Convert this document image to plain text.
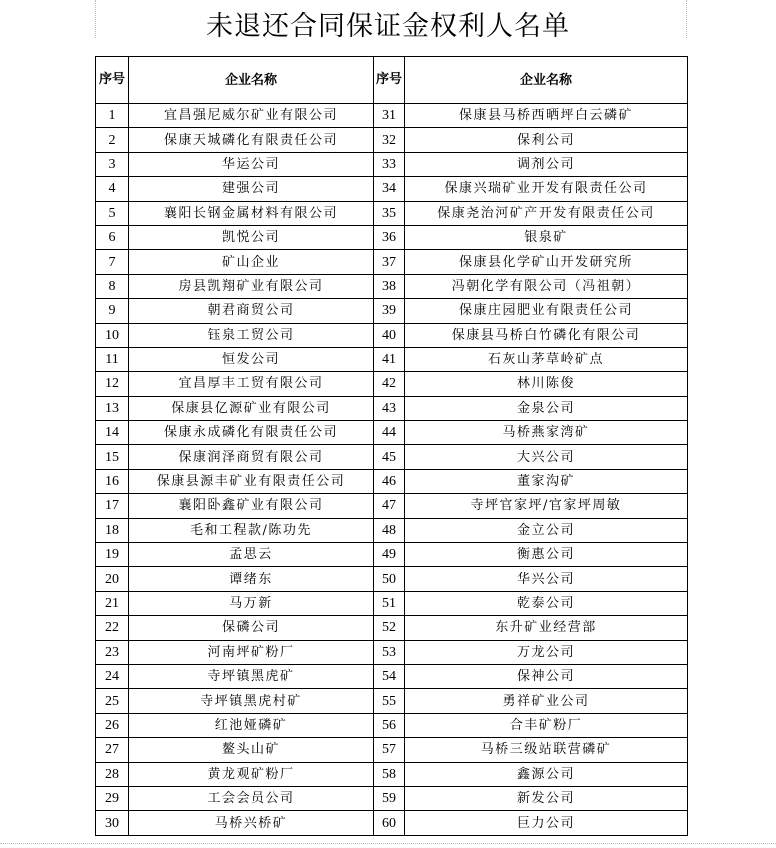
未退还合同保证金权利人名单
序号	企业名称	序号	企业名称
1	宜昌强尼威尔矿业有限公司	31	保康县马桥西晒坪白云磷矿
2	保康天城磷化有限责任公司	32	保利公司
3	华运公司	33	调剂公司
4	建强公司	34	保康兴瑞矿业开发有限责任公司
5	襄阳长钢金属材料有限公司	35	保康尧治河矿产开发有限责任公司
6	凯悦公司	36	银泉矿
7	矿山企业	37	保康县化学矿山开发研究所
8	房县凯翔矿业有限公司	38	冯朝化学有限公司（冯祖朝）
9	朝君商贸公司	39	保康庄园肥业有限责任公司
10	钰泉工贸公司	40	保康县马桥白竹磷化有限公司
11	恒发公司	41	石灰山茅草岭矿点
12	宜昌厚丰工贸有限公司	42	林川陈俊
13	保康县亿源矿业有限公司	43	金泉公司
14	保康永成磷化有限责任公司	44	马桥燕家湾矿
15	保康润泽商贸有限公司	45	大兴公司
16	保康县源丰矿业有限责任公司	46	董家沟矿
17	襄阳卧鑫矿业有限公司	47	寺坪官家坪/官家坪周敏
18	毛和工程款/陈功先	48	金立公司
19	孟思云	49	衡惠公司
20	谭绪东	50	华兴公司
21	马万新	51	乾泰公司
22	保磷公司	52	东升矿业经营部
23	河南坪矿粉厂	53	万龙公司
24	寺坪镇黑虎矿	54	保神公司
25	寺坪镇黑虎村矿	55	勇祥矿业公司
26	红池娅磷矿	56	合丰矿粉厂
27	鳌头山矿	57	马桥三级站联营磷矿
28	黄龙观矿粉厂	58	鑫源公司
29	工会会员公司	59	新发公司
30	马桥兴桥矿	60	巨力公司
